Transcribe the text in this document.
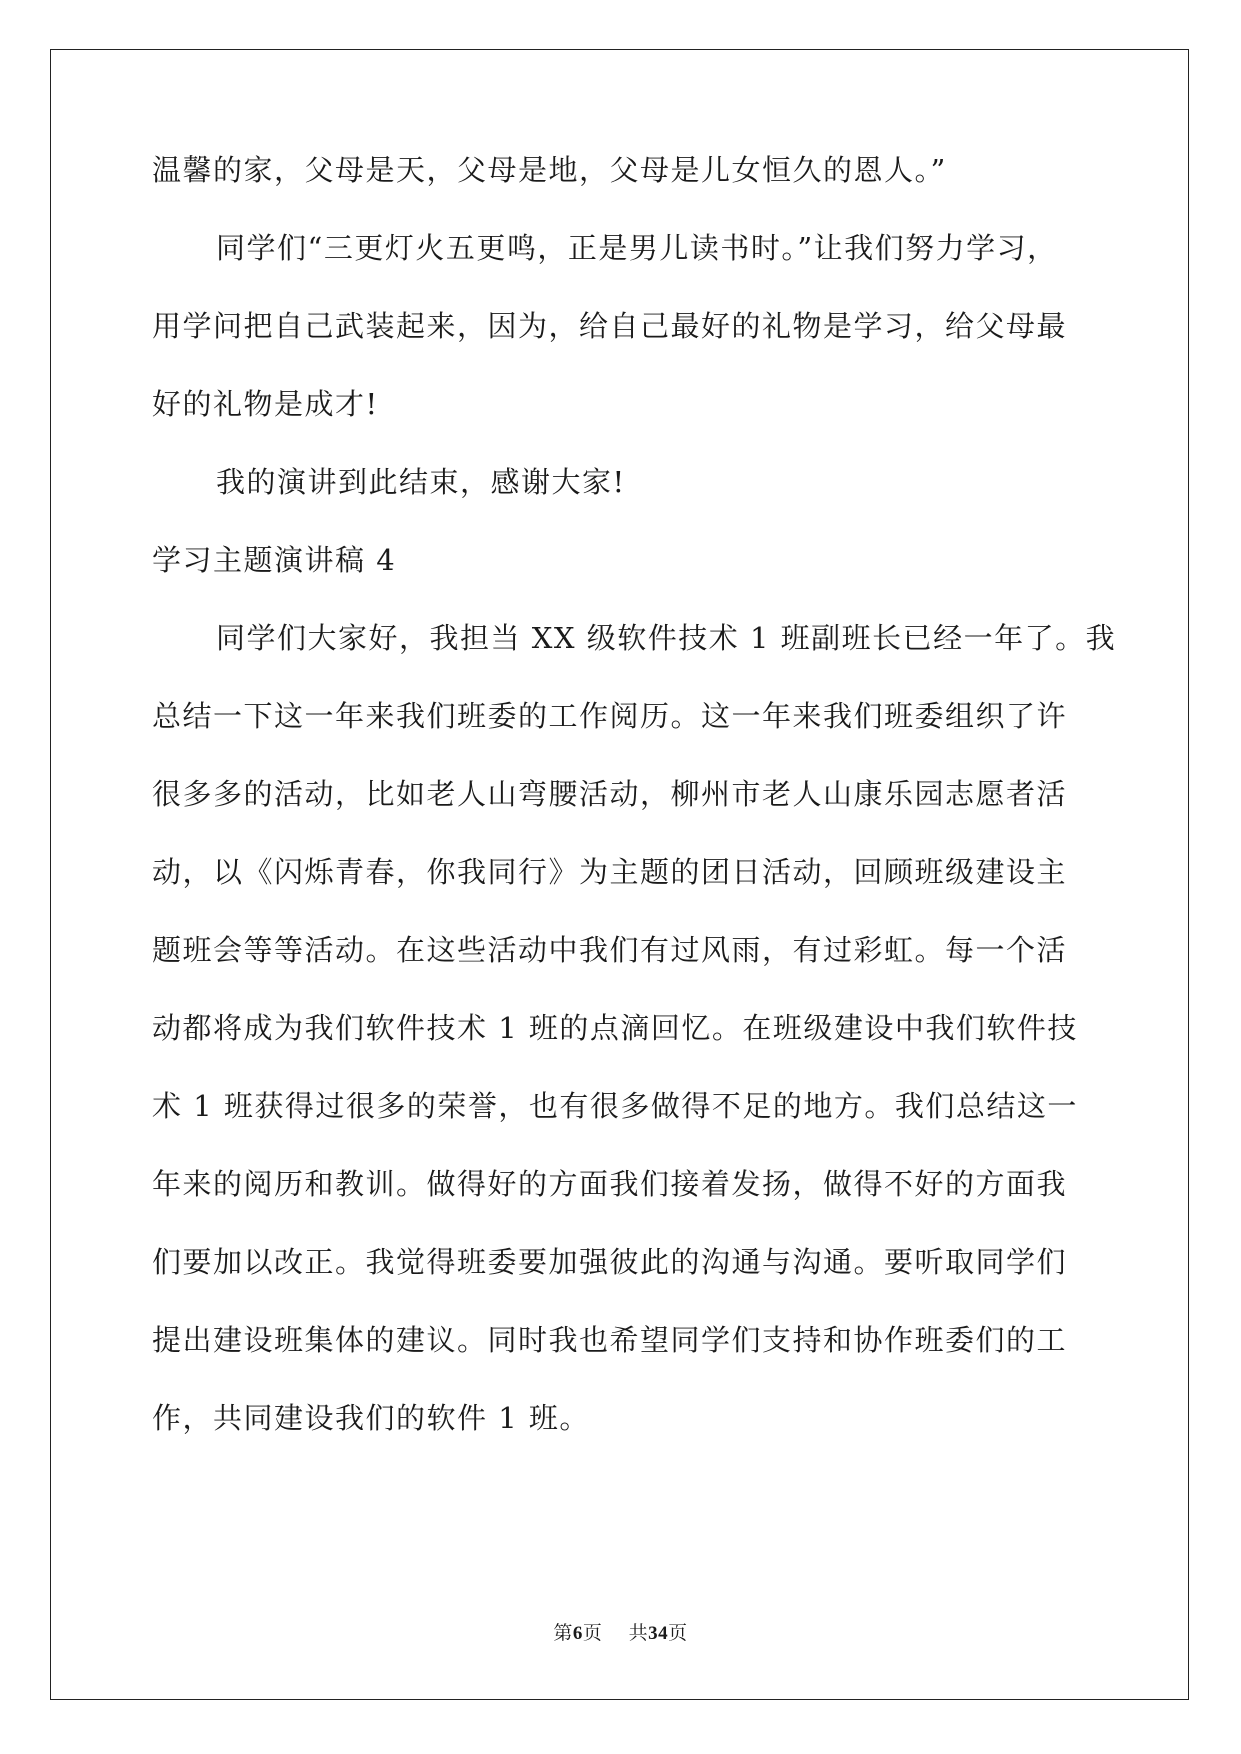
温馨的家，父母是天，父母是地，父母是儿女恒久的恩人。”
同学们“三更灯火五更鸣，正是男儿读书时。”让我们努力学习，
用学问把自己武装起来，因为，给自己最好的礼物是学习，给父母最
好的礼物是成才!
我的演讲到此结束，感谢大家!
学习主题演讲稿 4
同学们大家好，我担当 XX 级软件技术 1 班副班长已经一年了。我
总结一下这一年来我们班委的工作阅历。这一年来我们班委组织了许
很多多的活动，比如老人山弯腰活动，柳州市老人山康乐园志愿者活
动，以《闪烁青春，你我同行》为主题的团日活动，回顾班级建设主
题班会等等活动。在这些活动中我们有过风雨，有过彩虹。每一个活
动都将成为我们软件技术 1 班的点滴回忆。在班级建设中我们软件技
术 1 班获得过很多的荣誉，也有很多做得不足的地方。我们总结这一
年来的阅历和教训。做得好的方面我们接着发扬，做得不好的方面我
们要加以改正。我觉得班委要加强彼此的沟通与沟通。要听取同学们
提出建设班集体的建议。同时我也希望同学们支持和协作班委们的工
作，共同建设我们的软件 1 班。
第6页    共34页
